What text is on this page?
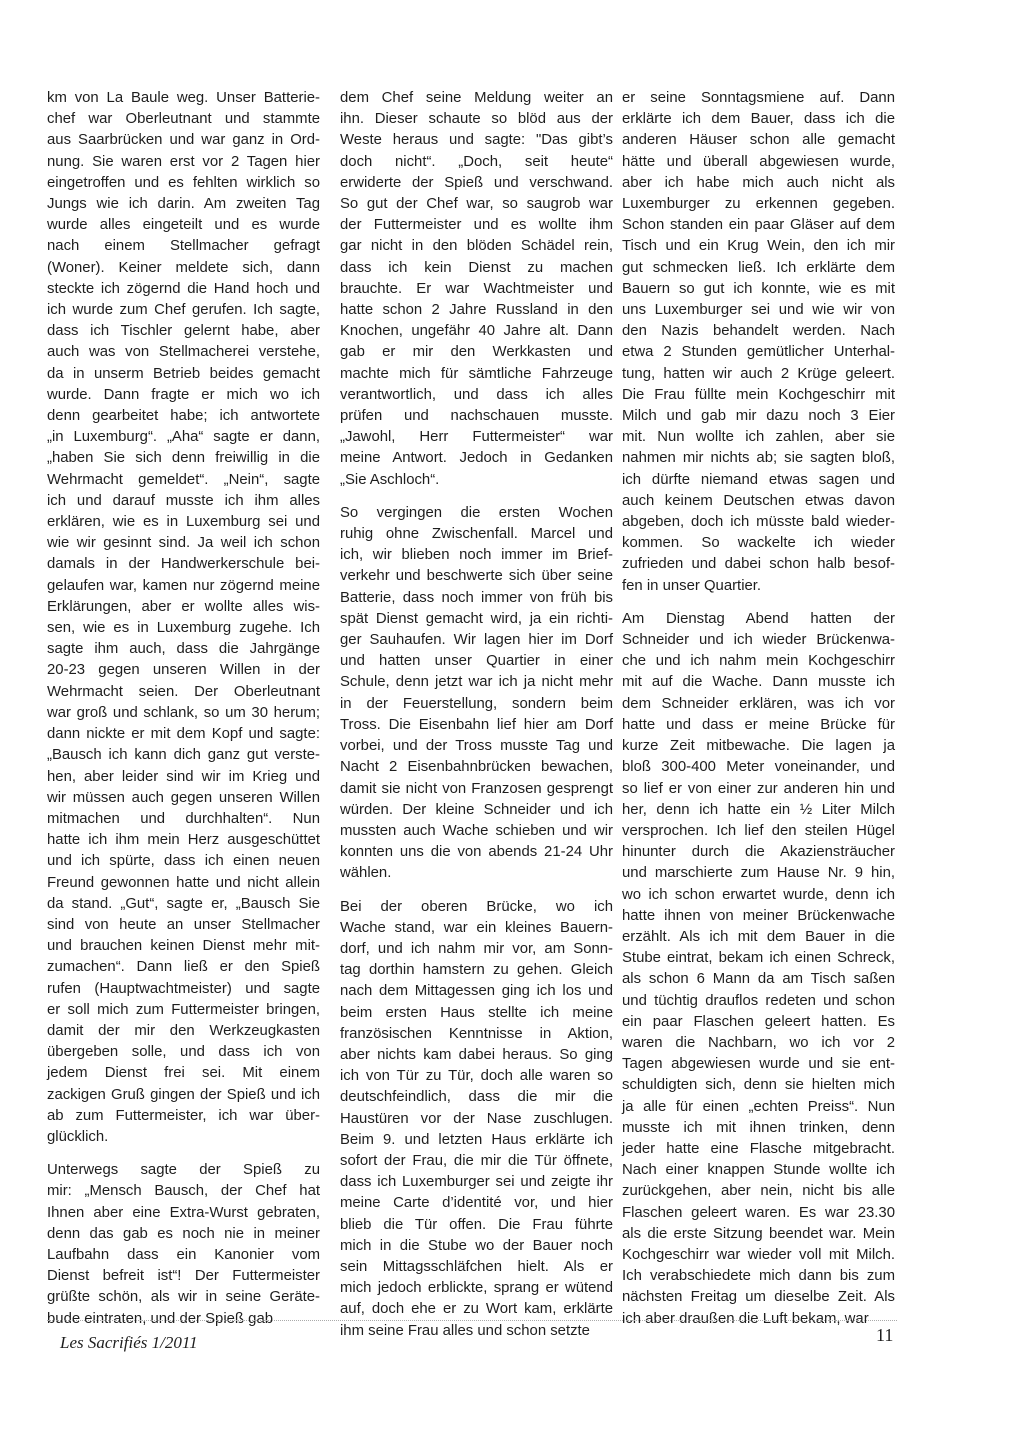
km von La Baule weg. Unser Batterie-
chef war Oberleutnant und stammte
aus Saarbrücken und war ganz in Ord-
nung. Sie waren erst vor 2 Tagen hier
eingetroffen und es fehlten wirklich so
Jungs wie ich darin. Am zweiten Tag
wurde alles eingeteilt und es wurde
nach einem Stellmacher gefragt
(Woner). Keiner meldete sich, dann
steckte ich zögernd die Hand hoch und
ich wurde zum Chef gerufen. Ich sagte,
dass ich Tischler gelernt habe, aber
auch was von Stellmacherei verstehe,
da in unserm Betrieb beides gemacht
wurde. Dann fragte er mich wo ich
denn gearbeitet habe; ich antwortete
„in Luxemburg“. „Aha“ sagte er dann,
„haben Sie sich denn freiwillig in die
Wehrmacht gemeldet“. „Nein“, sagte
ich und darauf musste ich ihm alles
erklären, wie es in Luxemburg sei und
wie wir gesinnt sind. Ja weil ich schon
damals in der Handwerkerschule bei-
gelaufen war, kamen nur zögernd meine
Erklärungen, aber er wollte alles wis-
sen, wie es in Luxemburg zugehe. Ich
sagte ihm auch, dass die Jahrgänge
20-23 gegen unseren Willen in der
Wehrmacht seien. Der Oberleutnant
war groß und schlank, so um 30 herum;
dann nickte er mit dem Kopf und sagte:
„Bausch ich kann dich ganz gut verste-
hen, aber leider sind wir im Krieg und
wir müssen auch gegen unseren Willen
mitmachen und durchhalten“. Nun
hatte ich ihm mein Herz ausgeschüttet
und ich spürte, dass ich einen neuen
Freund gewonnen hatte und nicht allein
da stand. „Gut“, sagte er, „Bausch Sie
sind von heute an unser Stellmacher
und brauchen keinen Dienst mehr mit-
zumachen“. Dann ließ er den Spieß
rufen (Hauptwachtmeister) und sagte
er soll mich zum Futtermeister bringen,
damit der mir den Werkzeugkasten
übergeben solle, und dass ich von
jedem Dienst frei sei. Mit einem
zackigen Gruß gingen der Spieß und ich
ab zum Futtermeister, ich war über-
glücklich.
Unterwegs sagte der Spieß zu
mir: „Mensch Bausch, der Chef hat
Ihnen aber eine Extra-Wurst gebraten,
denn das gab es noch nie in meiner
Laufbahn dass ein Kanonier vom
Dienst befreit ist“! Der Futtermeister
grüßte schön, als wir in seine Geräte-
bude eintraten, und der Spieß gab
dem Chef seine Meldung weiter an
ihn. Dieser schaute so blöd aus der
Weste heraus und sagte: "Das gibt’s
doch nicht“. „Doch, seit heute“
erwiderte der Spieß und verschwand.
So gut der Chef war, so saugrob war
der Futtermeister und es wollte ihm
gar nicht in den blöden Schädel rein,
dass ich kein Dienst zu machen
brauchte. Er war Wachtmeister und
hatte schon 2 Jahre Russland in den
Knochen, ungefähr 40 Jahre alt. Dann
gab er mir den Werkkasten und
machte mich für sämtliche Fahrzeuge
verantwortlich, und dass ich alles
prüfen und nachschauen musste.
„Jawohl, Herr Futtermeister“ war
meine Antwort. Jedoch in Gedanken
„Sie Aschloch“.
So vergingen die ersten Wochen
ruhig ohne Zwischenfall. Marcel und
ich, wir blieben noch immer im Brief-
verkehr und beschwerte sich über seine
Batterie, dass noch immer von früh bis
spät Dienst gemacht wird, ja ein richti-
ger Sauhaufen. Wir lagen hier im Dorf
und hatten unser Quartier in einer
Schule, denn jetzt war ich ja nicht mehr
in der Feuerstellung, sondern beim
Tross. Die Eisenbahn lief hier am Dorf
vorbei, und der Tross musste Tag und
Nacht 2 Eisenbahnbrücken bewachen,
damit sie nicht von Franzosen gesprengt
würden. Der kleine Schneider und ich
mussten auch Wache schieben und wir
konnten uns die von abends 21-24 Uhr
wählen.
Bei der oberen Brücke, wo ich
Wache stand, war ein kleines Bauern-
dorf, und ich nahm mir vor, am Sonn-
tag dorthin hamstern zu gehen. Gleich
nach dem Mittagessen ging ich los und
beim ersten Haus stellte ich meine
französischen Kenntnisse in Aktion,
aber nichts kam dabei heraus. So ging
ich von Tür zu Tür, doch alle waren so
deutschfeindlich, dass die mir die
Haustüren vor der Nase zuschlugen.
Beim 9. und letzten Haus erklärte ich
sofort der Frau, die mir die Tür öffnete,
dass ich Luxemburger sei und zeigte ihr
meine Carte d’identité vor, und hier
blieb die Tür offen. Die Frau führte
mich in die Stube wo der Bauer noch
sein Mittagsschläfchen hielt. Als er
mich jedoch erblickte, sprang er wütend
auf, doch ehe er zu Wort kam, erklärte
ihm seine Frau alles und schon setzte
er seine Sonntagsmiene auf. Dann
erklärte ich dem Bauer, dass ich die
anderen Häuser schon alle gemacht
hätte und überall abgewiesen wurde,
aber ich habe mich auch nicht als
Luxemburger zu erkennen gegeben.
Schon standen ein paar Gläser auf dem
Tisch und ein Krug Wein, den ich mir
gut schmecken ließ. Ich erklärte dem
Bauern so gut ich konnte, wie es mit
uns Luxemburger sei und wie wir von
den Nazis behandelt werden. Nach
etwa 2 Stunden gemütlicher Unterhal-
tung, hatten wir auch 2 Krüge geleert.
Die Frau füllte mein Kochgeschirr mit
Milch und gab mir dazu noch 3 Eier
mit. Nun wollte ich zahlen, aber sie
nahmen mir nichts ab; sie sagten bloß,
ich dürfte niemand etwas sagen und
auch keinem Deutschen etwas davon
abgeben, doch ich müsste bald wieder-
kommen. So wackelte ich wieder
zufrieden und dabei schon halb besof-
fen in unser Quartier.
Am Dienstag Abend hatten der
Schneider und ich wieder Brückenwa-
che und ich nahm mein Kochgeschirr
mit auf die Wache. Dann musste ich
dem Schneider erklären, was ich vor
hatte und dass er meine Brücke für
kurze Zeit mitbewache. Die lagen ja
bloß 300-400 Meter voneinander, und
so lief er von einer zur anderen hin und
her, denn ich hatte ein ½ Liter Milch
versprochen. Ich lief den steilen Hügel
hinunter durch die Akaziensträucher
und marschierte zum Hause Nr. 9 hin,
wo ich schon erwartet wurde, denn ich
hatte ihnen von meiner Brückenwache
erzählt. Als ich mit dem Bauer in die
Stube eintrat, bekam ich einen Schreck,
als schon 6 Mann da am Tisch saßen
und tüchtig drauflos redeten und schon
ein paar Flaschen geleert hatten. Es
waren die Nachbarn, wo ich vor 2
Tagen abgewiesen wurde und sie ent-
schuldigten sich, denn sie hielten mich
ja alle für einen „echten Preiss“. Nun
musste ich mit ihnen trinken, denn
jeder hatte eine Flasche mitgebracht.
Nach einer knappen Stunde wollte ich
zurückgehen, aber nein, nicht bis alle
Flaschen geleert waren. Es war 23.30
als die erste Sitzung beendet war. Mein
Kochgeschirr war wieder voll mit Milch.
Ich verabschiedete mich dann bis zum
nächsten Freitag um dieselbe Zeit. Als
ich aber draußen die Luft bekam, war
Les Sacrifiés 1/2011	11
